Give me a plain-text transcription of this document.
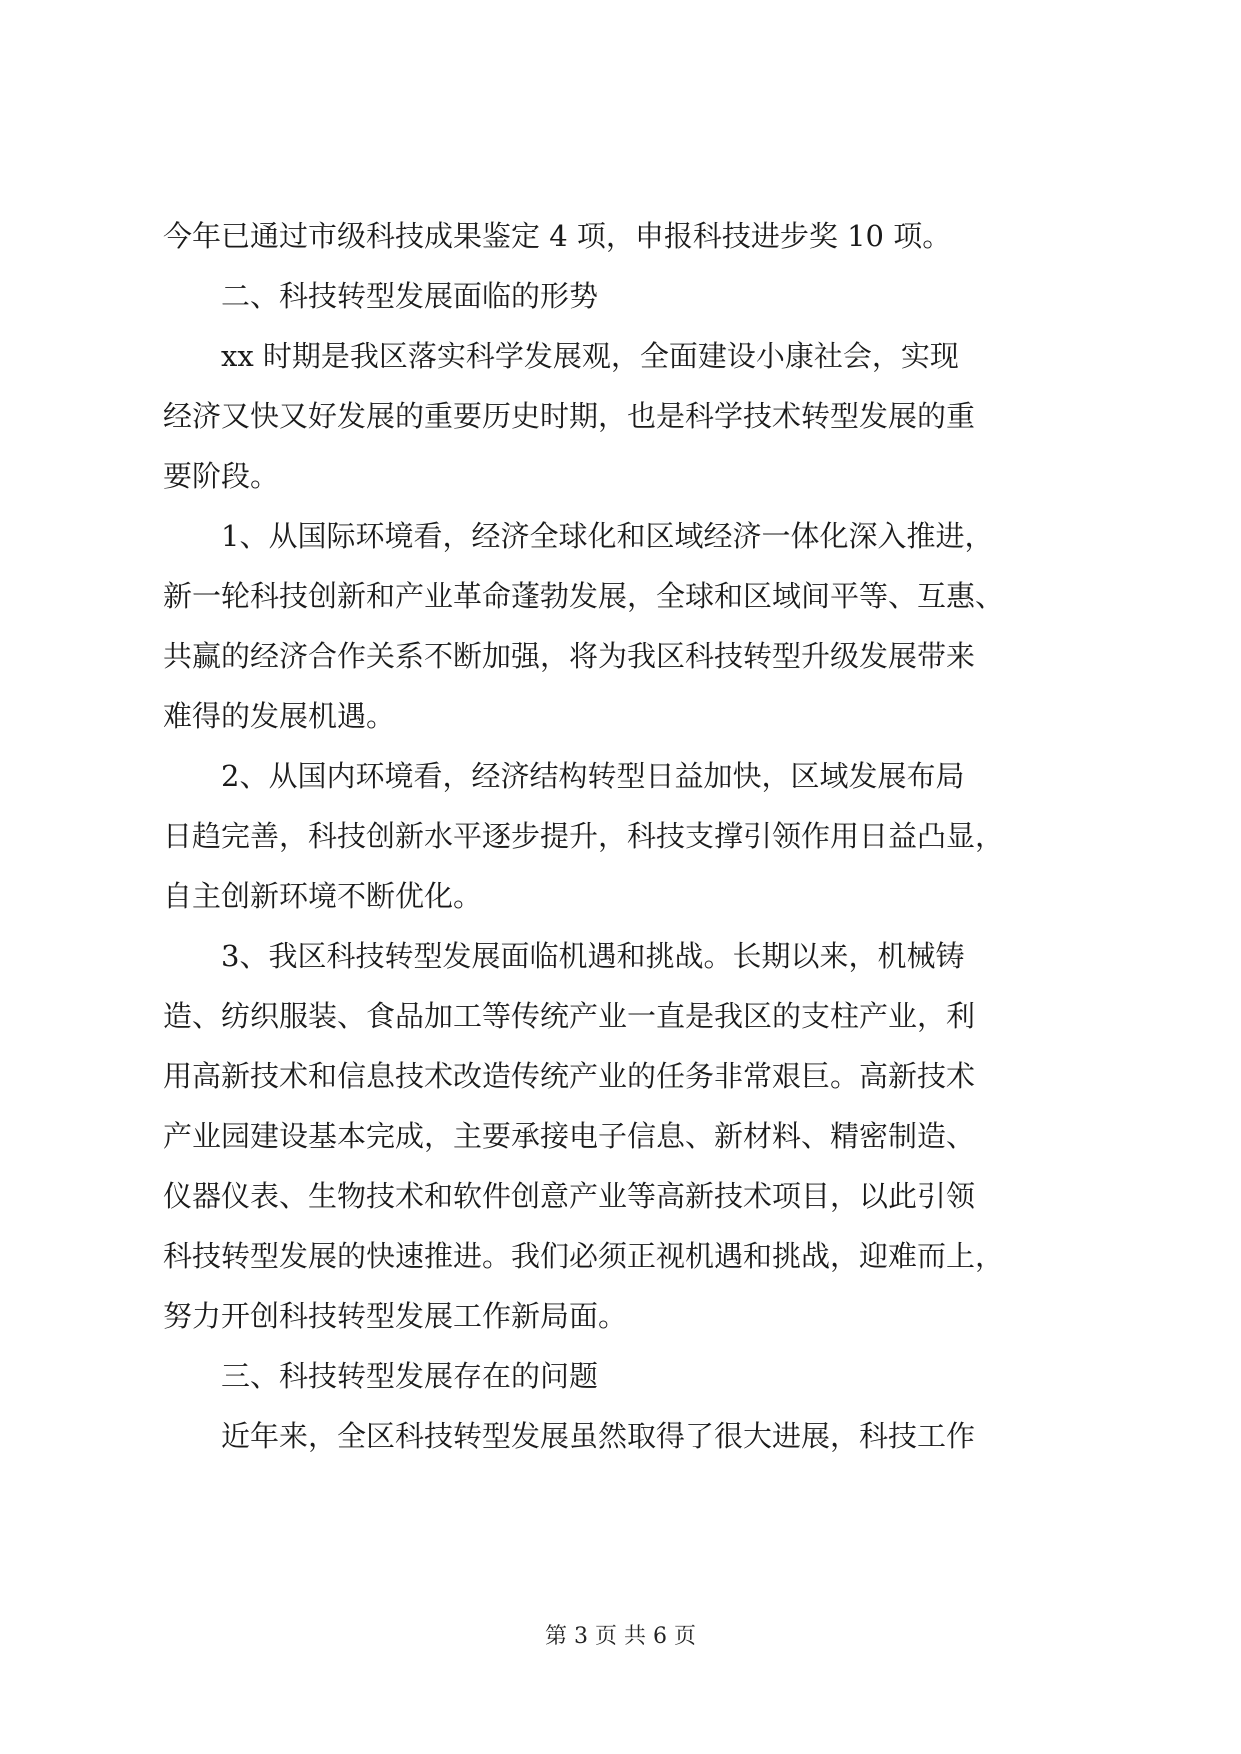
今年已通过市级科技成果鉴定 4 项，申报科技进步奖 10 项。
二、科技转型发展面临的形势
xx 时期是我区落实科学发展观，全面建设小康社会，实现
经济又快又好发展的重要历史时期，也是科学技术转型发展的重
要阶段。
1、从国际环境看，经济全球化和区域经济一体化深入推进，
新一轮科技创新和产业革命蓬勃发展，全球和区域间平等、互惠、
共赢的经济合作关系不断加强，将为我区科技转型升级发展带来
难得的发展机遇。
2、从国内环境看，经济结构转型日益加快，区域发展布局
日趋完善，科技创新水平逐步提升，科技支撑引领作用日益凸显，
自主创新环境不断优化。
3、我区科技转型发展面临机遇和挑战。长期以来，机械铸
造、纺织服装、食品加工等传统产业一直是我区的支柱产业，利
用高新技术和信息技术改造传统产业的任务非常艰巨。高新技术
产业园建设基本完成，主要承接电子信息、新材料、精密制造、
仪器仪表、生物技术和软件创意产业等高新技术项目，以此引领
科技转型发展的快速推进。我们必须正视机遇和挑战，迎难而上，
努力开创科技转型发展工作新局面。
三、科技转型发展存在的问题
近年来，全区科技转型发展虽然取得了很大进展，科技工作
第 3 页 共 6 页
